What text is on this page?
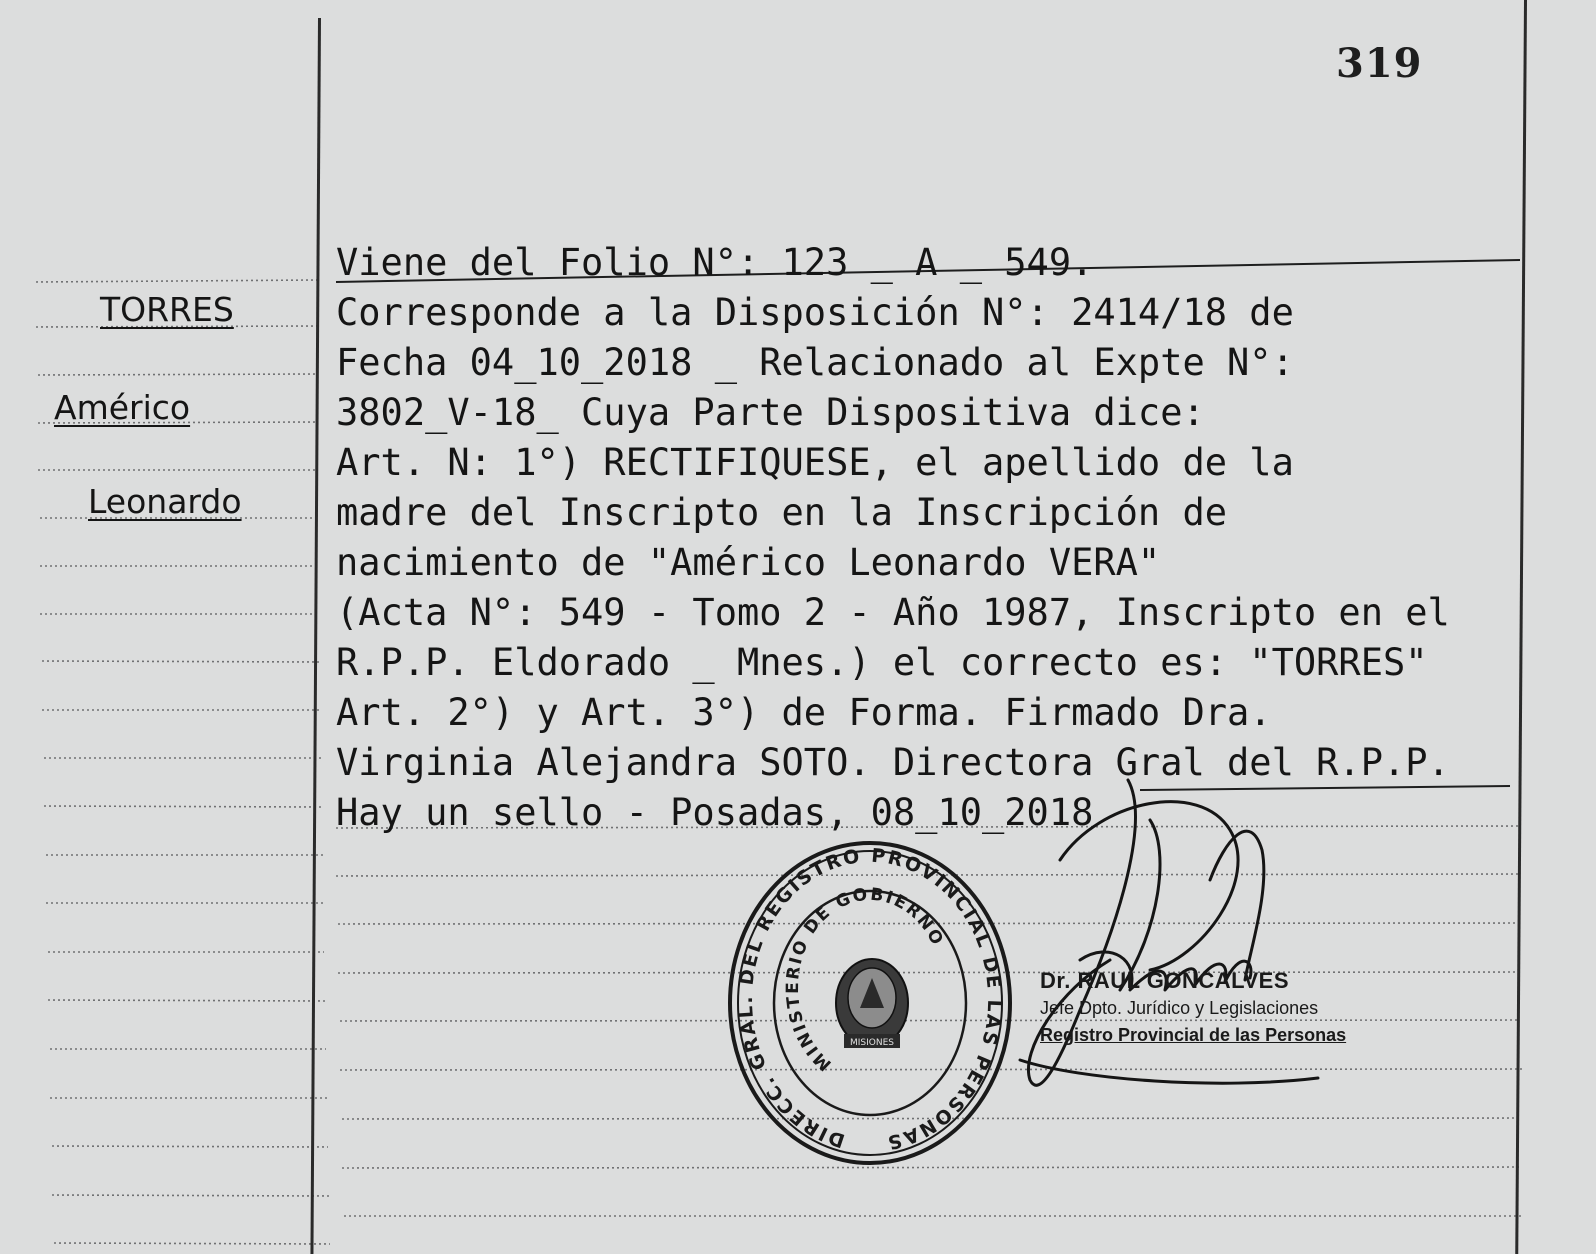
319
TORRES
Américo
Leonardo
Viene del Folio N°: 123 _ A _ 549.
Corresponde a la Disposición N°: 2414/18 de
Fecha 04_10_2018 _ Relacionado al Expte N°:
3802_V-18_ Cuya Parte Dispositiva dice:
Art. N: 1°) RECTIFIQUESE, el apellido de la
madre del Inscripto en la Inscripción de
nacimiento de "Américo Leonardo VERA"
(Acta N°: 549 - Tomo 2 - Año 1987, Inscripto en el
R.P.P. Eldorado _ Mnes.) el correcto es: "TORRES"
Art. 2°) y Art. 3°) de Forma. Firmado Dra.
Virginia Alejandra SOTO. Directora Gral del R.P.P.
Hay un sello - Posadas, 08_10_2018
DIRECC. GRAL. DEL REGISTRO PROVINCIAL DE LAS PERSONAS
MINISTERIO DE GOBIERNO
MISIONES
Dr. RAUL GONCALVES
Jefe Dpto. Jurídico y Legislaciones
Registro Provincial de las Personas
